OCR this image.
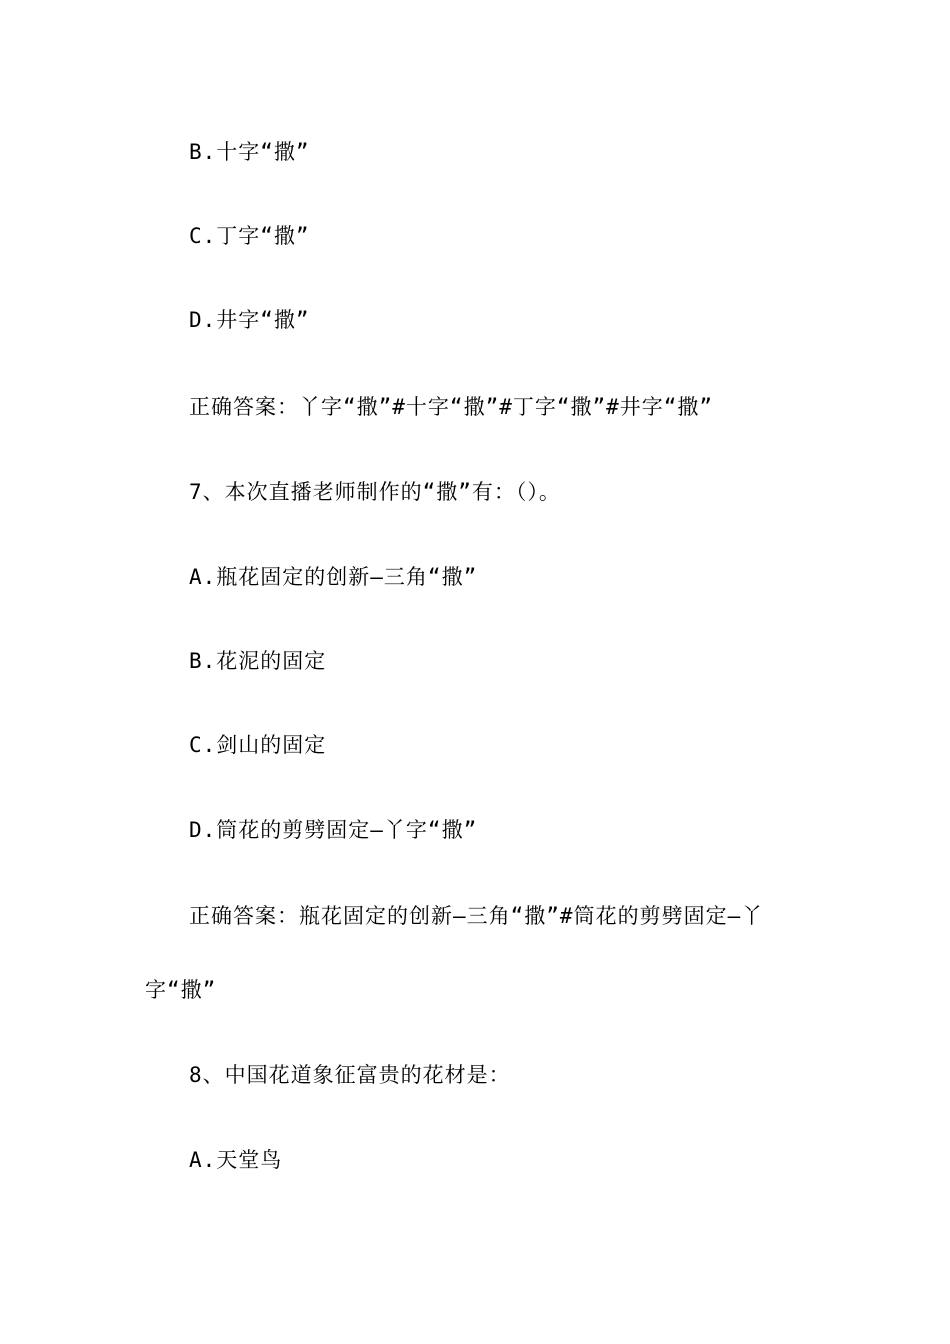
B.十字“撒”
C.丁字“撒”
D.井字“撒”
正确答案：丫字“撒”#十字“撒”#丁字“撒”#井字“撒”
7、本次直播老师制作的“撒”有：（）。
A.瓶花固定的创新—三角“撒”
B.花泥的固定
C.剑山的固定
D.筒花的剪劈固定—丫字“撒”
正确答案：瓶花固定的创新—三角“撒”#筒花的剪劈固定—丫
字“撒”
8、中国花道象征富贵的花材是：
A.天堂鸟
